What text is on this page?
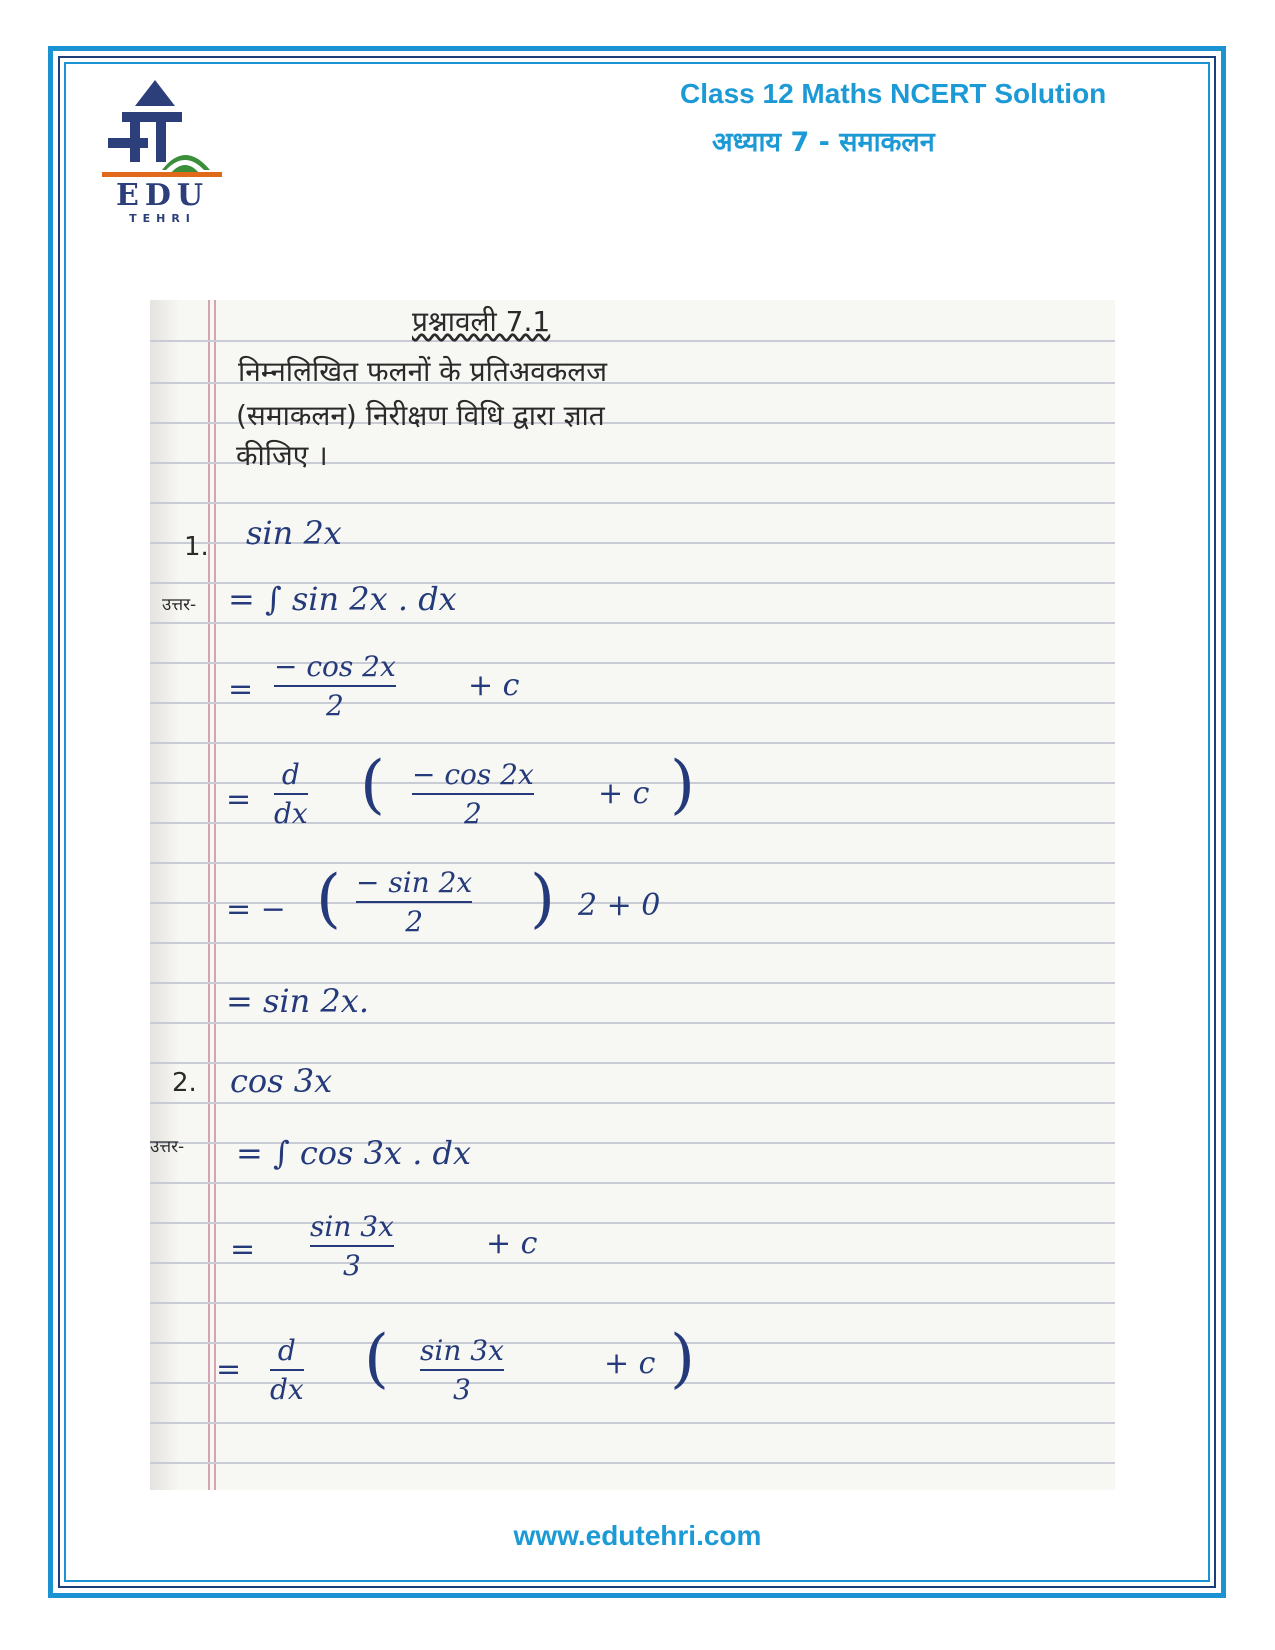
EDU
TEHRI
Class 12 Maths NCERT Solution
अध्याय 7 - समाकलन
प्रश्नावली 7.1
निम्नलिखित फलनों के प्रतिअवकलज
(समाकलन) निरीक्षण विधि द्वारा ज्ञात
कीजिए ।
1. sin 2x
उत्तर- = ∫ sin 2x . dx
=
− cos 2x
2
+ c
=
d
dx ( − cos 2x
2
+ c )
= − ( − sin 2x
2 ) 2 + 0
= sin 2x.
2. cos 3x
उत्तर- = ∫ cos 3x . dx
=
sin 3x
3
+ c
=
d
dx ( sin 3x
3
+ c )
www.edutehri.com
